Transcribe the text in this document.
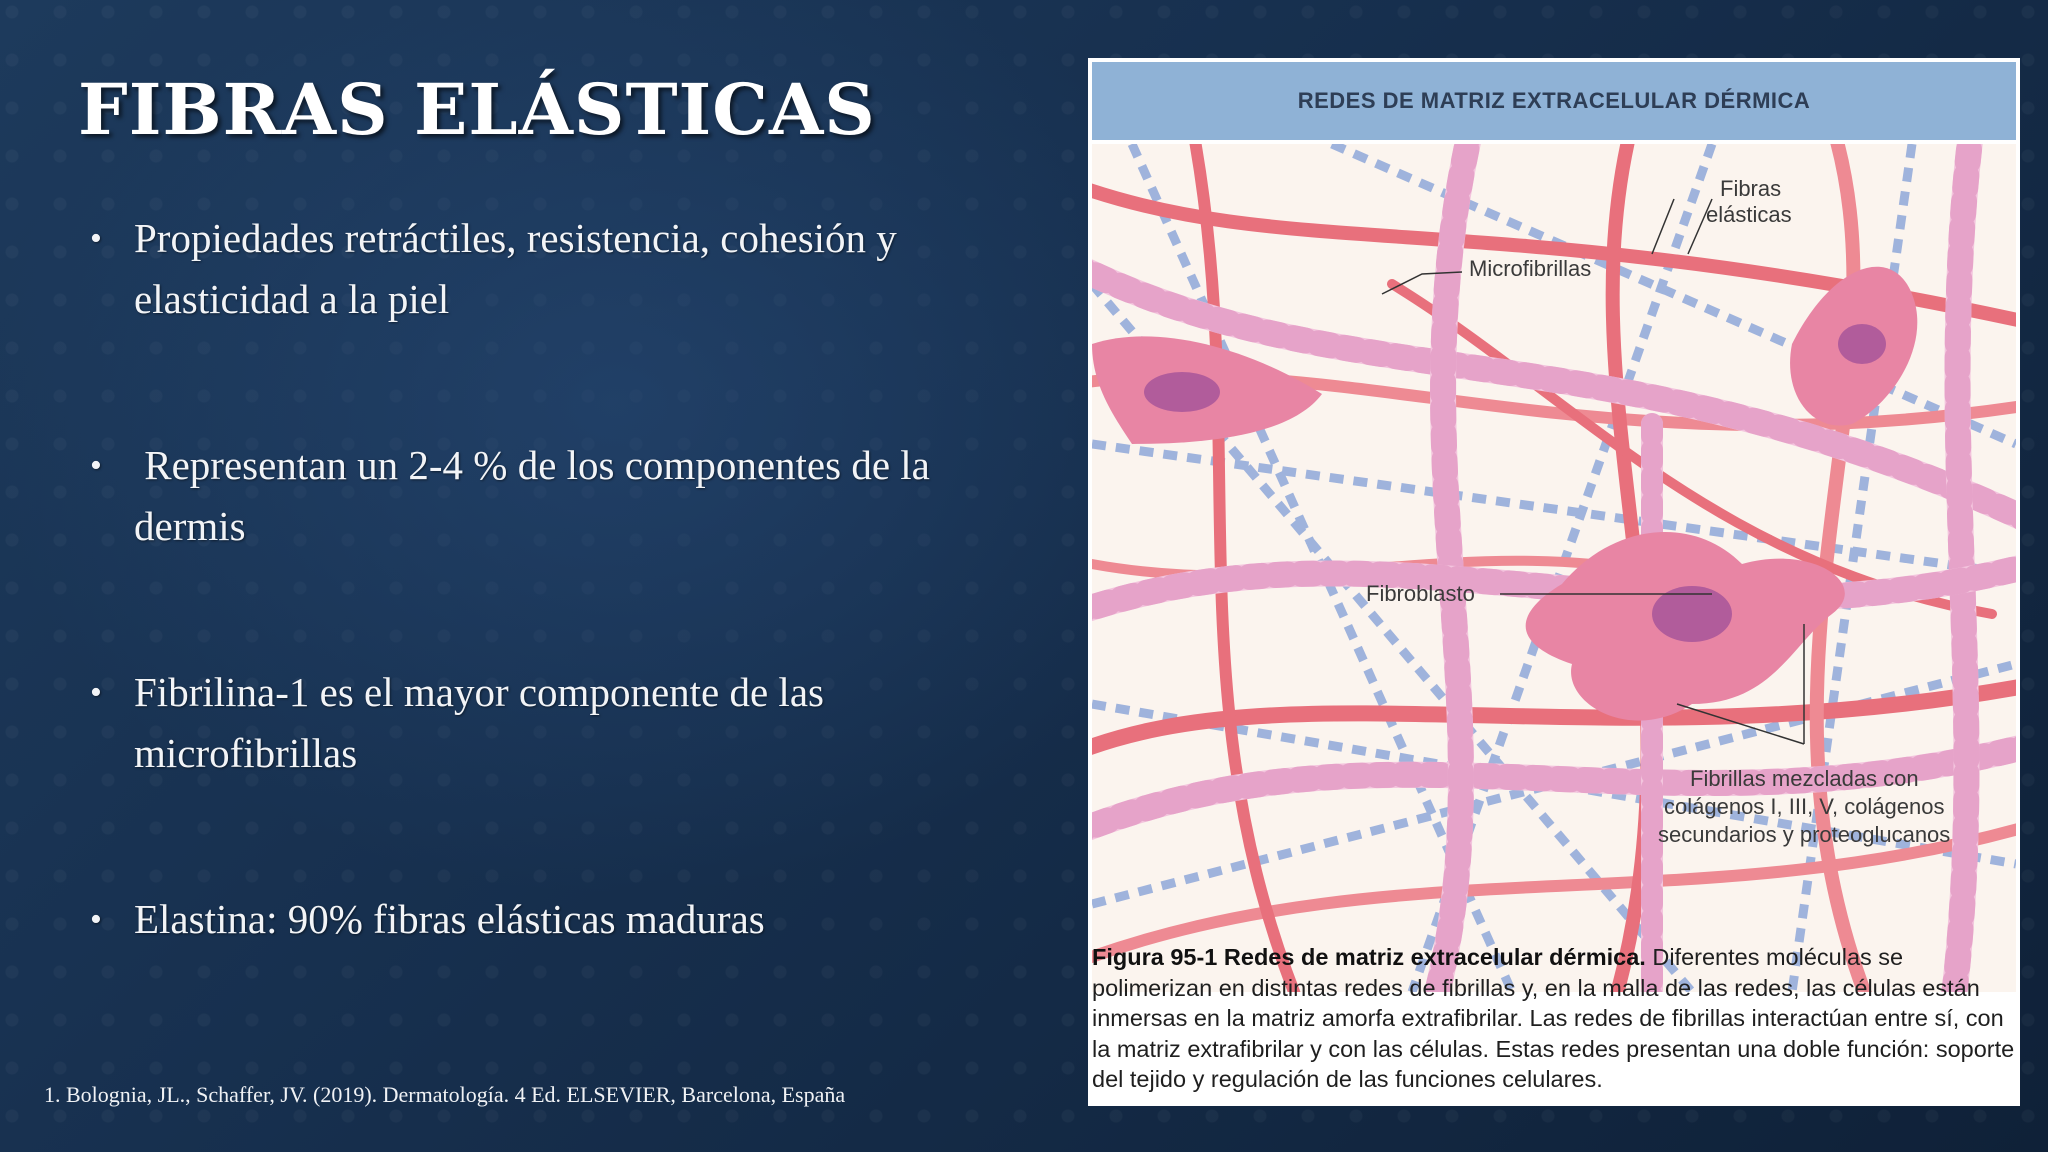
FIBRAS ELÁSTICAS
• Propiedades retráctiles, resistencia, cohesión y elasticidad a la piel
• Representan un 2-4 % de los componentes de la dermis
• Fibrilina-1 es el mayor componente de las microfibrillas
• Elastina: 90% fibras elásticas maduras
1. Bolognia, JL., Schaffer, JV. (2019). Dermatología. 4 Ed. ELSEVIER, Barcelona, España
REDES DE MATRIZ EXTRACELULAR DÉRMICA
Fibras
elásticas
Microfibrillas
Fibroblasto
Fibrillas mezcladas con
colágenos I, III, V, colágenos
secundarios y proteoglucanos
Figura 95-1 Redes de matriz extracelular dérmica. Diferentes moléculas se polimerizan en distintas redes de fibrillas y, en la malla de las redes, las células están inmersas en la matriz amorfa extrafibrilar. Las redes de fibrillas interactúan entre sí, con la matriz extrafibrilar y con las células. Estas redes presentan una doble función: soporte del tejido y regulación de las funciones celulares.
